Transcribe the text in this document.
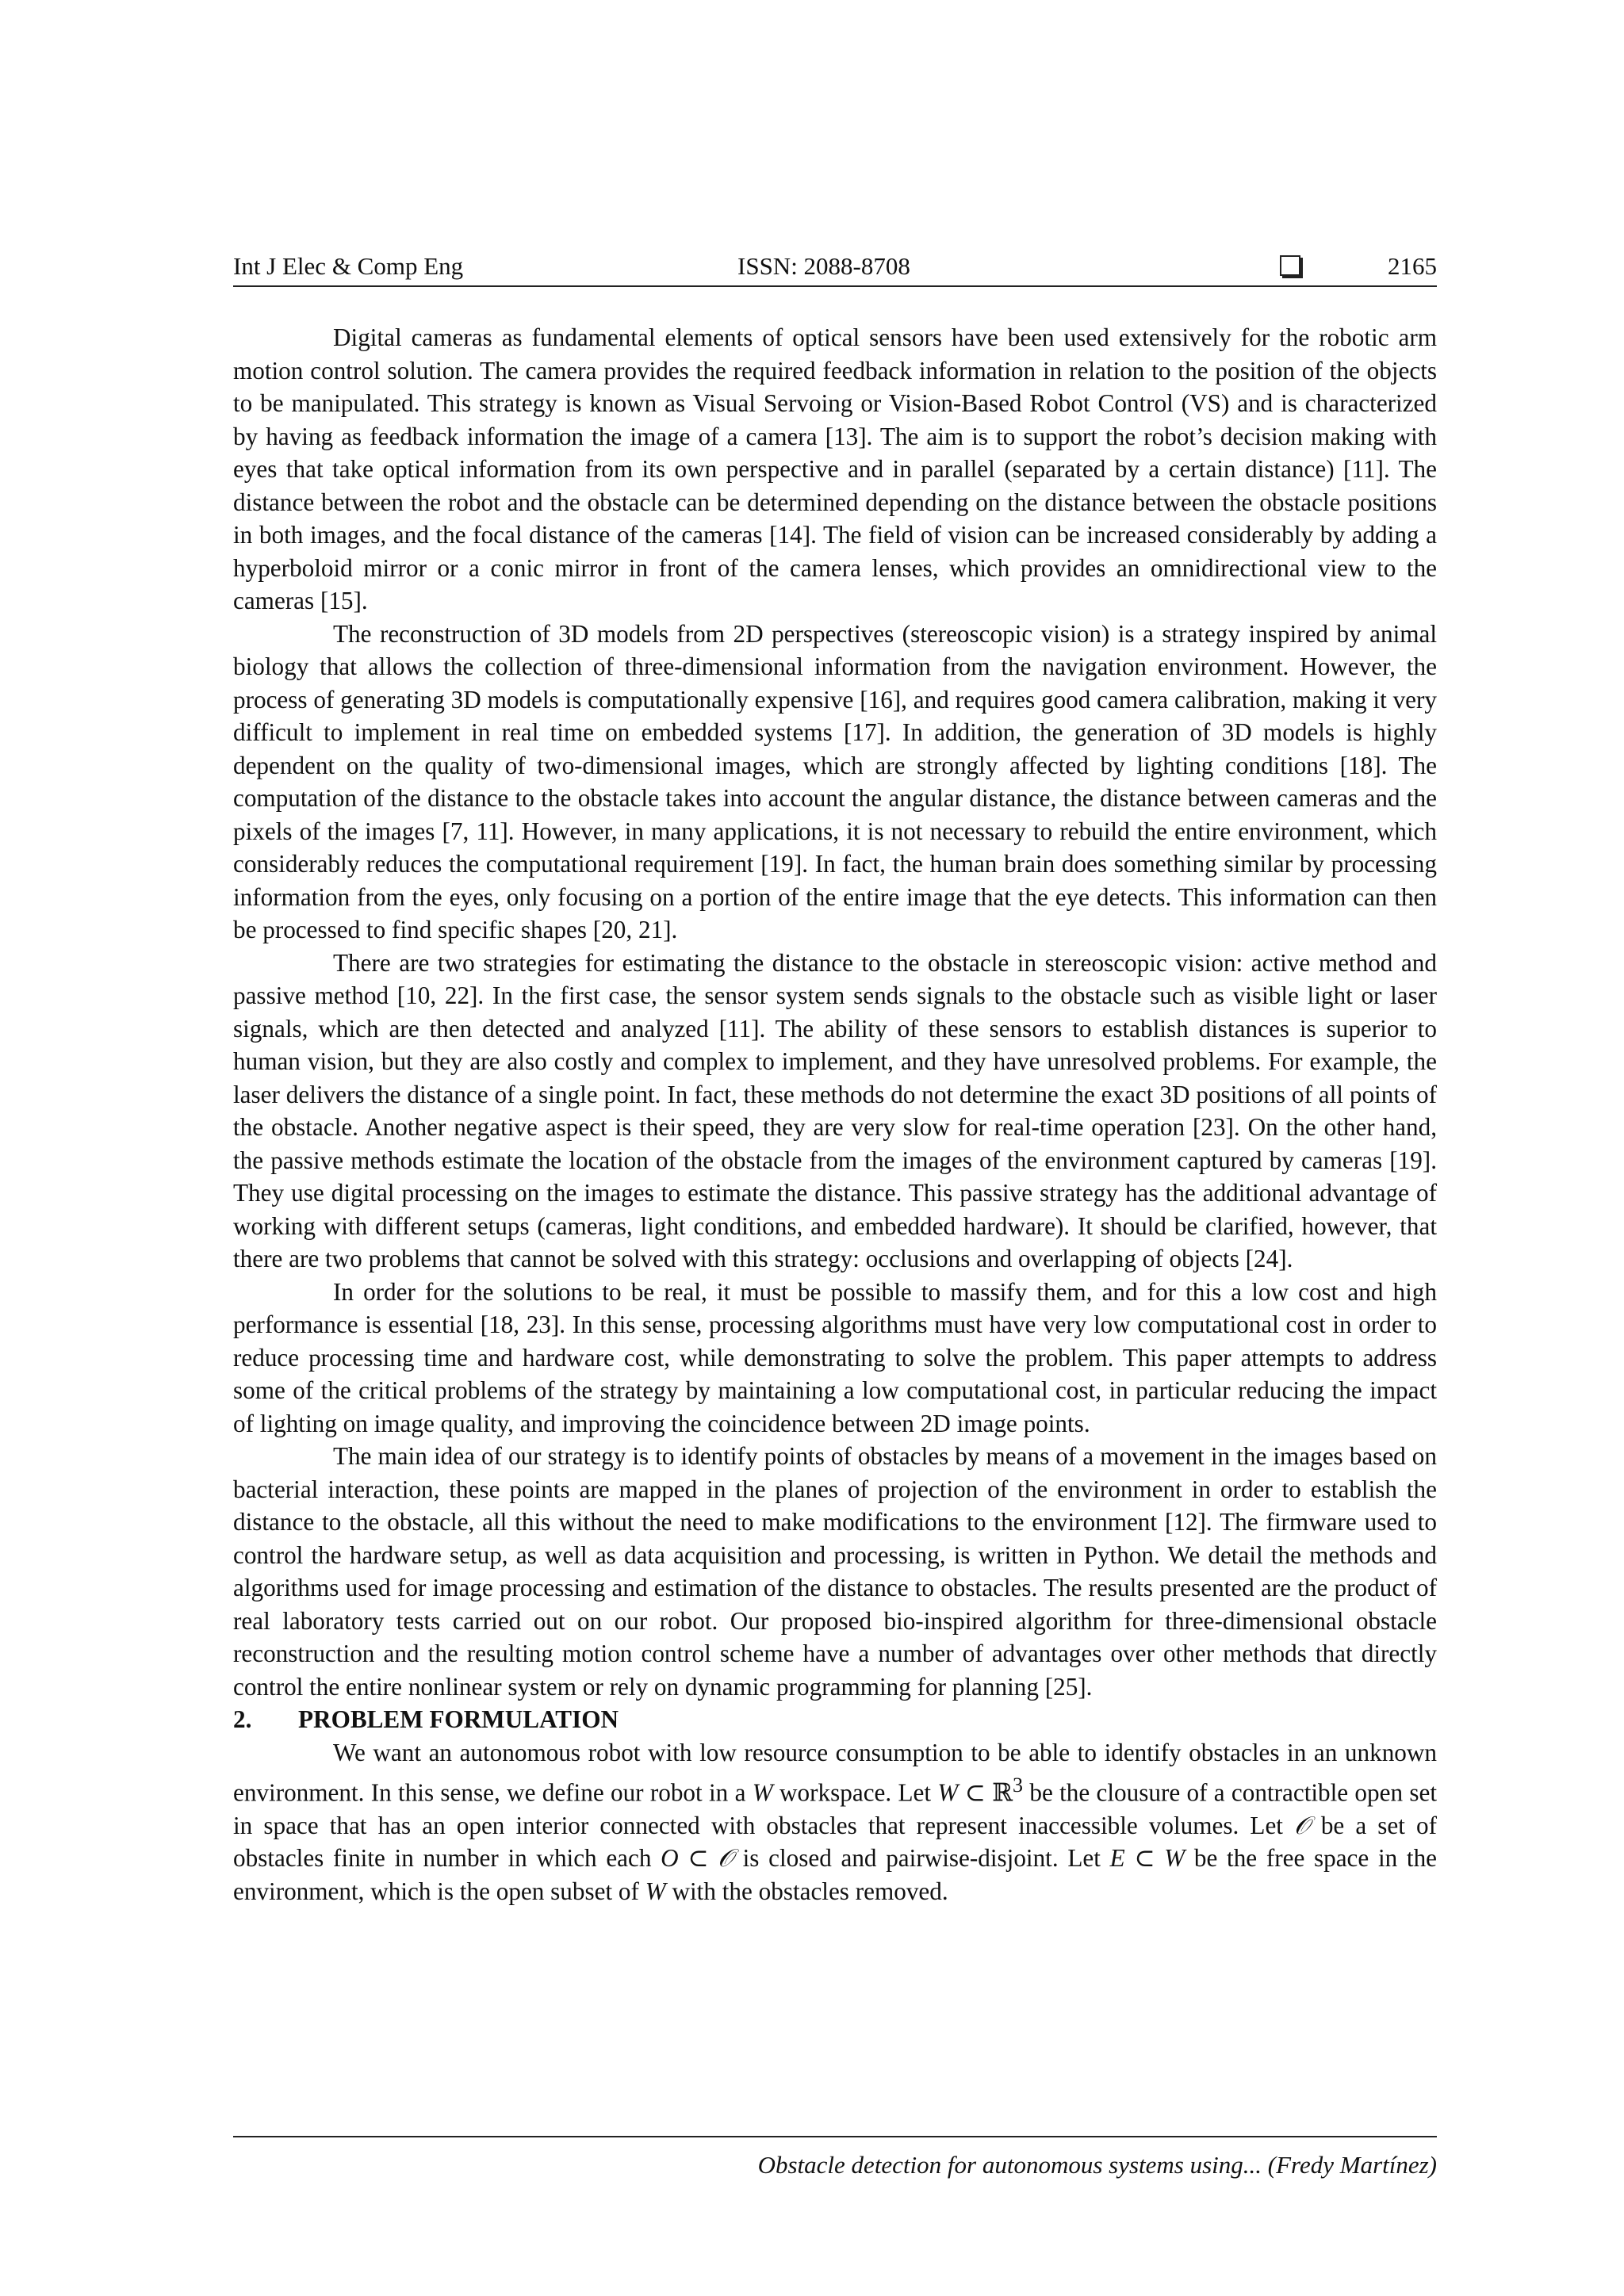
Int J Elec & Comp Eng	ISSN: 2088-8708	2165

Digital cameras as fundamental elements of optical sensors have been used extensively for the robotic arm motion control solution. The camera provides the required feedback information in relation to the position of the objects to be manipulated. This strategy is known as Visual Servoing or Vision-Based Robot Control (VS) and is characterized by having as feedback information the image of a camera [13]. The aim is to support the robot’s decision making with eyes that take optical information from its own perspective and in parallel (separated by a certain distance) [11]. The distance between the robot and the obstacle can be determined depending on the distance between the obstacle positions in both images, and the focal distance of the cameras [14]. The field of vision can be increased considerably by adding a hyperboloid mirror or a conic mirror in front of the camera lenses, which provides an omnidirectional view to the cameras [15].

The reconstruction of 3D models from 2D perspectives (stereoscopic vision) is a strategy inspired by animal biology that allows the collection of three-dimensional information from the navigation environment. However, the process of generating 3D models is computationally expensive [16], and requires good camera calibration, making it very difficult to implement in real time on embedded systems [17]. In addition, the generation of 3D models is highly dependent on the quality of two-dimensional images, which are strongly affected by lighting conditions [18]. The computation of the distance to the obstacle takes into account the angular distance, the distance between cameras and the pixels of the images [7, 11]. However, in many applications, it is not necessary to rebuild the entire environment, which considerably reduces the computational requirement [19]. In fact, the human brain does something similar by processing information from the eyes, only focusing on a portion of the entire image that the eye detects. This information can then be processed to find specific shapes [20, 21].

There are two strategies for estimating the distance to the obstacle in stereoscopic vision: active method and passive method [10, 22]. In the first case, the sensor system sends signals to the obstacle such as visible light or laser signals, which are then detected and analyzed [11]. The ability of these sensors to establish distances is superior to human vision, but they are also costly and complex to implement, and they have unresolved problems. For example, the laser delivers the distance of a single point. In fact, these methods do not determine the exact 3D positions of all points of the obstacle. Another negative aspect is their speed, they are very slow for real-time operation [23]. On the other hand, the passive methods estimate the location of the obstacle from the images of the environment captured by cameras [19]. They use digital processing on the images to estimate the distance. This passive strategy has the additional advantage of working with different setups (cameras, light conditions, and embedded hardware). It should be clarified, however, that there are two problems that cannot be solved with this strategy: occlusions and overlapping of objects [24].

In order for the solutions to be real, it must be possible to massify them, and for this a low cost and high performance is essential [18, 23]. In this sense, processing algorithms must have very low computational cost in order to reduce processing time and hardware cost, while demonstrating to solve the problem. This paper attempts to address some of the critical problems of the strategy by maintaining a low computational cost, in particular reducing the impact of lighting on image quality, and improving the coincidence between 2D image points.

The main idea of our strategy is to identify points of obstacles by means of a movement in the images based on bacterial interaction, these points are mapped in the planes of projection of the environment in order to establish the distance to the obstacle, all this without the need to make modifications to the environment [12]. The firmware used to control the hardware setup, as well as data acquisition and processing, is written in Python. We detail the methods and algorithms used for image processing and estimation of the distance to obstacles. The results presented are the product of real laboratory tests carried out on our robot. Our proposed bio-inspired algorithm for three-dimensional obstacle reconstruction and the resulting motion control scheme have a number of advantages over other methods that directly control the entire nonlinear system or rely on dynamic programming for planning [25].

2. PROBLEM FORMULATION

We want an autonomous robot with low resource consumption to be able to identify obstacles in an unknown environment. In this sense, we define our robot in a W workspace. Let W ⊂ ℝ$^3$ be the clousure of a contractible open set in space that has an open interior connected with obstacles that represent inaccessible volumes. Let 𝒪 be a set of obstacles finite in number in which each O ⊂ 𝒪 is closed and pairwise-disjoint. Let E ⊂ W be the free space in the environment, which is the open subset of W with the obstacles removed.

Obstacle detection for autonomous systems using... (Fredy Martínez)
